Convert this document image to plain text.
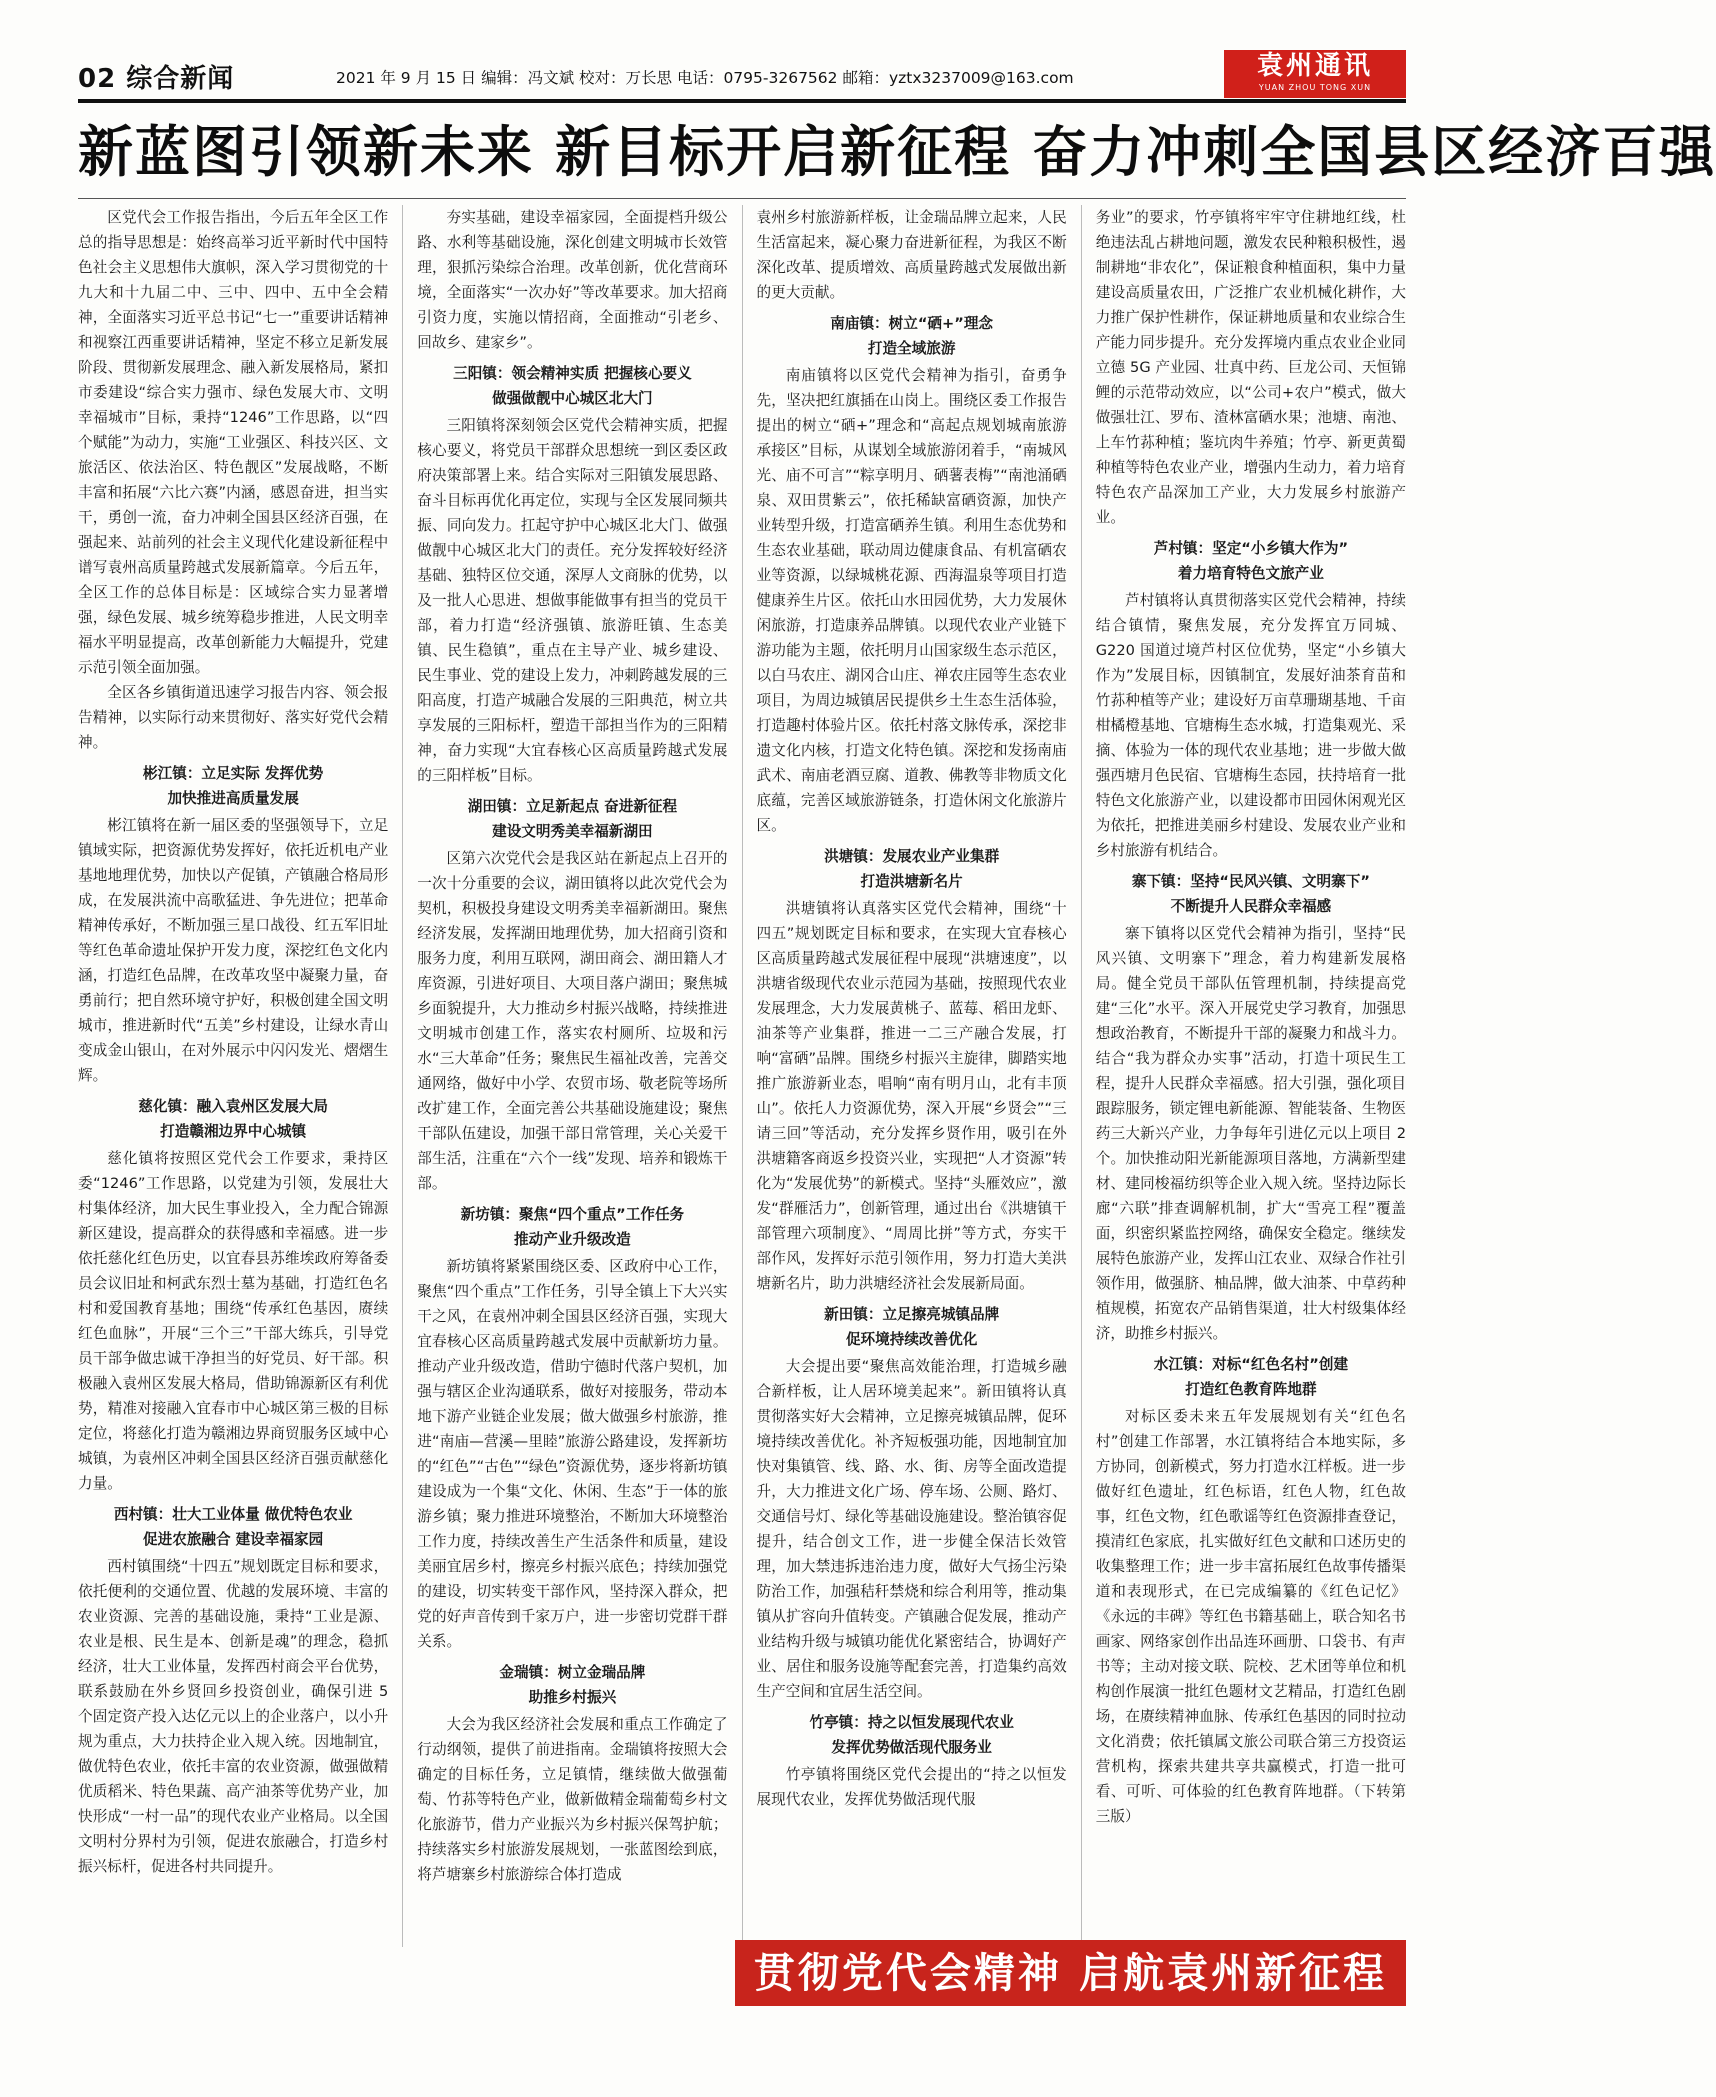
02 综合新闻	2021 年 9 月 15 日 编辑：冯文斌 校对：万长思 电话：0795-3267562 邮箱：yztx3237009@163.com	袁州通讯
YUAN ZHOU TONG XUN
新蓝图引领新未来 新目标开启新征程 奋力冲刺全国县区经济百强

区党代会工作报告指出，今后五年全区工作总的指导思想是：始终高举习近平新时代中国特色社会主义思想伟大旗帜，深入学习贯彻党的十九大和十九届二中、三中、四中、五中全会精神，全面落实习近平总书记“七一”重要讲话精神和视察江西重要讲话精神，坚定不移立足新发展阶段、贯彻新发展理念、融入新发展格局，紧扣市委建设“综合实力强市、绿色发展大市、文明幸福城市”目标，秉持“1246”工作思路，以“四个赋能”为动力，实施“工业强区、科技兴区、文旅活区、依法治区、特色靓区”发展战略，不断丰富和拓展“六比六赛”内涵，感恩奋进，担当实干，勇创一流，奋力冲刺全国县区经济百强，在强起来、站前列的社会主义现代化建设新征程中谱写袁州高质量跨越式发展新篇章。今后五年，全区工作的总体目标是：区域综合实力显著增强，绿色发展、城乡统筹稳步推进，人民文明幸福水平明显提高，改革创新能力大幅提升，党建示范引领全面加强。

全区各乡镇街道迅速学习报告内容、领会报告精神，以实际行动来贯彻好、落实好党代会精神。

彬江镇：立足实际 发挥优势
加快推进高质量发展

彬江镇将在新一届区委的坚强领导下，立足镇域实际，把资源优势发挥好，依托近机电产业基地地理优势，加快以产促镇，产镇融合格局形成，在发展洪流中高歌猛进、争先进位；把革命精神传承好，不断加强三星口战役、红五军旧址等红色革命遗址保护开发力度，深挖红色文化内涵，打造红色品牌，在改革攻坚中凝聚力量，奋勇前行；把自然环境守护好，积极创建全国文明城市，推进新时代“五美”乡村建设，让绿水青山变成金山银山，在对外展示中闪闪发光、熠熠生辉。

慈化镇：融入袁州区发展大局
打造赣湘边界中心城镇

慈化镇将按照区党代会工作要求，秉持区委“1246”工作思路，以党建为引领，发展壮大村集体经济，加大民生事业投入，全力配合锦源新区建设，提高群众的获得感和幸福感。进一步依托慈化红色历史，以宜春县苏维埃政府筹备委员会议旧址和柯武东烈士墓为基础，打造红色名村和爱国教育基地；围绕“传承红色基因，赓续红色血脉”，开展“三个三”干部大练兵，引导党员干部争做忠诚干净担当的好党员、好干部。积极融入袁州区发展大格局，借助锦源新区有利优势，精准对接融入宜春市中心城区第三极的目标定位，将慈化打造为赣湘边界商贸服务区域中心城镇，为袁州区冲刺全国县区经济百强贡献慈化力量。

西村镇：壮大工业体量 做优特色农业
促进农旅融合 建设幸福家园

西村镇围绕“十四五”规划既定目标和要求，依托便利的交通位置、优越的发展环境、丰富的农业资源、完善的基础设施，秉持“工业是源、农业是根、民生是本、创新是魂”的理念，稳抓经济，壮大工业体量，发挥西村商会平台优势，联系鼓励在外乡贤回乡投资创业，确保引进 5 个固定资产投入达亿元以上的企业落户，以小升规为重点，大力扶持企业入规入统。因地制宜，做优特色农业，依托丰富的农业资源，做强做精优质稻米、特色果蔬、高产油茶等优势产业，加快形成“一村一品”的现代农业产业格局。以全国文明村分界村为引领，促进农旅融合，打造乡村振兴标杆，促进各村共同提升。

夯实基础，建设幸福家园，全面提档升级公路、水利等基础设施，深化创建文明城市长效管理，狠抓污染综合治理。改革创新，优化营商环境，全面落实“一次办好”等改革要求。加大招商引资力度，实施以情招商，全面推动“引老乡、回故乡、建家乡”。

三阳镇：领会精神实质 把握核心要义
做强做靓中心城区北大门

三阳镇将深刻领会区党代会精神实质，把握核心要义，将党员干部群众思想统一到区委区政府决策部署上来。结合实际对三阳镇发展思路、奋斗目标再优化再定位，实现与全区发展同频共振、同向发力。扛起守护中心城区北大门、做强做靓中心城区北大门的责任。充分发挥较好经济基础、独特区位交通，深厚人文商脉的优势，以及一批人心思进、想做事能做事有担当的党员干部，着力打造“经济强镇、旅游旺镇、生态美镇、民生稳镇”，重点在主导产业、城乡建设、民生事业、党的建设上发力，冲刺跨越发展的三阳高度，打造产城融合发展的三阳典范，树立共享发展的三阳标杆，塑造干部担当作为的三阳精神，奋力实现“大宜春核心区高质量跨越式发展的三阳样板”目标。

湖田镇：立足新起点 奋进新征程
建设文明秀美幸福新湖田

区第六次党代会是我区站在新起点上召开的一次十分重要的会议，湖田镇将以此次党代会为契机，积极投身建设文明秀美幸福新湖田。聚焦经济发展，发挥湖田地理优势，加大招商引资和服务力度，利用互联网，湖田商会、湖田籍人才库资源，引进好项目、大项目落户湖田；聚焦城乡面貌提升，大力推动乡村振兴战略，持续推进文明城市创建工作，落实农村厕所、垃圾和污水“三大革命”任务；聚焦民生福祉改善，完善交通网络，做好中小学、农贸市场、敬老院等场所改扩建工作，全面完善公共基础设施建设；聚焦干部队伍建设，加强干部日常管理，关心关爱干部生活，注重在“六个一线”发现、培养和锻炼干部。

新坊镇：聚焦“四个重点”工作任务
推动产业升级改造

新坊镇将紧紧围绕区委、区政府中心工作，聚焦“四个重点”工作任务，引导全镇上下大兴实干之风，在袁州冲刺全国县区经济百强，实现大宜春核心区高质量跨越式发展中贡献新坊力量。推动产业升级改造，借助宁德时代落户契机，加强与辖区企业沟通联系，做好对接服务，带动本地下游产业链企业发展；做大做强乡村旅游，推进“南庙—营溪—里睦”旅游公路建设，发挥新坊的“红色”“古色”“绿色”资源优势，逐步将新坊镇建设成为一个集“文化、休闲、生态”于一体的旅游乡镇；聚力推进环境整治，不断加大环境整治工作力度，持续改善生产生活条件和质量，建设美丽宜居乡村，擦亮乡村振兴底色；持续加强党的建设，切实转变干部作风，坚持深入群众，把党的好声音传到千家万户，进一步密切党群干群关系。

金瑞镇：树立金瑞品牌
助推乡村振兴

大会为我区经济社会发展和重点工作确定了行动纲领，提供了前进指南。金瑞镇将按照大会确定的目标任务，立足镇情，继续做大做强葡萄、竹荪等特色产业，做新做精金瑞葡萄乡村文化旅游节，借力产业振兴为乡村振兴保驾护航；持续落实乡村旅游发展规划，一张蓝图绘到底，将芦塘寨乡村旅游综合体打造成

袁州乡村旅游新样板，让金瑞品牌立起来，人民生活富起来，凝心聚力奋进新征程，为我区不断深化改革、提质增效、高质量跨越式发展做出新的更大贡献。

南庙镇：树立“硒+”理念
打造全域旅游

南庙镇将以区党代会精神为指引，奋勇争先，坚决把红旗插在山岗上。围绕区委工作报告提出的树立“硒+”理念和“高起点规划城南旅游承接区”目标，从谋划全域旅游闭着手，“南城风光、庙不可言”“粽享明月、硒薯表梅”“南池涌硒泉、双田贯紫云”，依托稀缺富硒资源，加快产业转型升级，打造富硒养生镇。利用生态优势和生态农业基础，联动周边健康食品、有机富硒农业等资源，以绿城桃花源、西海温泉等项目打造健康养生片区。依托山水田园优势，大力发展休闲旅游，打造康养品牌镇。以现代农业产业链下游功能为主题，依托明月山国家级生态示范区，以白马农庄、湖冈合山庄、禅农庄园等生态农业项目，为周边城镇居民提供乡土生态生活体验，打造趣村体验片区。依托村落文脉传承，深挖非遗文化内核，打造文化特色镇。深挖和发扬南庙武术、南庙老酒豆腐、道教、佛教等非物质文化底蕴，完善区域旅游链条，打造休闲文化旅游片区。

洪塘镇：发展农业产业集群
打造洪塘新名片

洪塘镇将认真落实区党代会精神，围绕“十四五”规划既定目标和要求，在实现大宜春核心区高质量跨越式发展征程中展现“洪塘速度”，以洪塘省级现代农业示范园为基础，按照现代农业发展理念，大力发展黄桃子、蓝莓、稻田龙虾、油茶等产业集群，推进一二三产融合发展，打响“富硒”品牌。围绕乡村振兴主旋律，脚踏实地推广旅游新业态，唱响“南有明月山，北有丰顶山”。依托人力资源优势，深入开展“乡贤会”“三请三回”等活动，充分发挥乡贤作用，吸引在外洪塘籍客商返乡投资兴业，实现把“人才资源”转化为“发展优势”的新模式。坚持“头雁效应”，激发“群雁活力”，创新管理，通过出台《洪塘镇干部管理六项制度》、“周周比拼”等方式，夯实干部作风，发挥好示范引领作用，努力打造大美洪塘新名片，助力洪塘经济社会发展新局面。

新田镇：立足擦亮城镇品牌
促环境持续改善优化

大会提出要“聚焦高效能治理，打造城乡融合新样板，让人居环境美起来”。新田镇将认真贯彻落实好大会精神，立足擦亮城镇品牌，促环境持续改善优化。补齐短板强功能，因地制宜加快对集镇管、线、路、水、街、房等全面改造提升，大力推进文化广场、停车场、公厕、路灯、交通信号灯、绿化等基础设施建设。整治镇容促提升，结合创文工作，进一步健全保洁长效管理，加大禁违拆违治违力度，做好大气扬尘污染防治工作，加强秸秆禁烧和综合利用等，推动集镇从扩容向升值转变。产镇融合促发展，推动产业结构升级与城镇功能优化紧密结合，协调好产业、居住和服务设施等配套完善，打造集约高效生产空间和宜居生活空间。

竹亭镇：持之以恒发展现代农业
发挥优势做活现代服务业

竹亭镇将围绕区党代会提出的“持之以恒发展现代农业，发挥优势做活现代服

务业”的要求，竹亭镇将牢牢守住耕地红线，杜绝违法乱占耕地问题，激发农民种粮积极性，遏制耕地“非农化”，保证粮食种植面积，集中力量建设高质量农田，广泛推广农业机械化耕作，大力推广保护性耕作，保证耕地质量和农业综合生产能力同步提升。充分发挥境内重点农业企业同立德 5G 产业园、壮真中药、巨龙公司、天恒锦鲤的示范带动效应，以“公司+农户”模式，做大做强壮江、罗布、渣林富硒水果；池塘、南池、上车竹荪种植；鉴坑肉牛养殖；竹亭、新更黄蜀种植等特色农业产业，增强内生动力，着力培育特色农产品深加工产业，大力发展乡村旅游产业。

芦村镇：坚定“小乡镇大作为”
着力培育特色文旅产业

芦村镇将认真贯彻落实区党代会精神，持续结合镇情，聚焦发展，充分发挥宜万同城、G220 国道过境芦村区位优势，坚定“小乡镇大作为”发展目标，因镇制宜，发展好油茶育苗和竹荪种植等产业；建设好万亩草珊瑚基地、千亩柑橘橙基地、官塘梅生态水城，打造集观光、采摘、体验为一体的现代农业基地；进一步做大做强西塘月色民宿、官塘梅生态园，扶持培育一批特色文化旅游产业，以建设都市田园休闲观光区为依托，把推进美丽乡村建设、发展农业产业和乡村旅游有机结合。

寨下镇：坚持“民风兴镇、文明寨下”
不断提升人民群众幸福感

寨下镇将以区党代会精神为指引，坚持“民风兴镇、文明寨下”理念，着力构建新发展格局。健全党员干部队伍管理机制，持续提高党建“三化”水平。深入开展党史学习教育，加强思想政治教育，不断提升干部的凝聚力和战斗力。结合“我为群众办实事”活动，打造十项民生工程，提升人民群众幸福感。招大引强，强化项目跟踪服务，锁定锂电新能源、智能装备、生物医药三大新兴产业，力争每年引进亿元以上项目 2 个。加快推动阳光新能源项目落地，方满新型建材、建同梭福纺织等企业入规入统。坚持边际长廊“六联”排查调解机制，扩大“雪亮工程”覆盖面，织密织紧监控网络，确保安全稳定。继续发展特色旅游产业，发挥山江农业、双绿合作社引领作用，做强脐、柚品牌，做大油茶、中草药种植规模，拓宽农产品销售渠道，壮大村级集体经济，助推乡村振兴。

水江镇：对标“红色名村”创建
打造红色教育阵地群

对标区委未来五年发展规划有关“红色名村”创建工作部署，水江镇将结合本地实际，多方协同，创新模式，努力打造水江样板。进一步做好红色遗址，红色标语，红色人物，红色故事，红色文物，红色歌谣等红色资源排查登记，摸清红色家底，扎实做好红色文献和口述历史的收集整理工作；进一步丰富拓展红色故事传播渠道和表现形式，在已完成编纂的《红色记忆》《永远的丰碑》等红色书籍基础上，联合知名书画家、网络家创作出品连环画册、口袋书、有声书等；主动对接文联、院校、艺术团等单位和机构创作展演一批红色题材文艺精品，打造红色剧场，在赓续精神血脉、传承红色基因的同时拉动文化消费；依托镇属文旅公司联合第三方投资运营机构，探索共建共享共赢模式，打造一批可看、可听、可体验的红色教育阵地群。（下转第三版）

贯彻党代会精神 启航袁州新征程
